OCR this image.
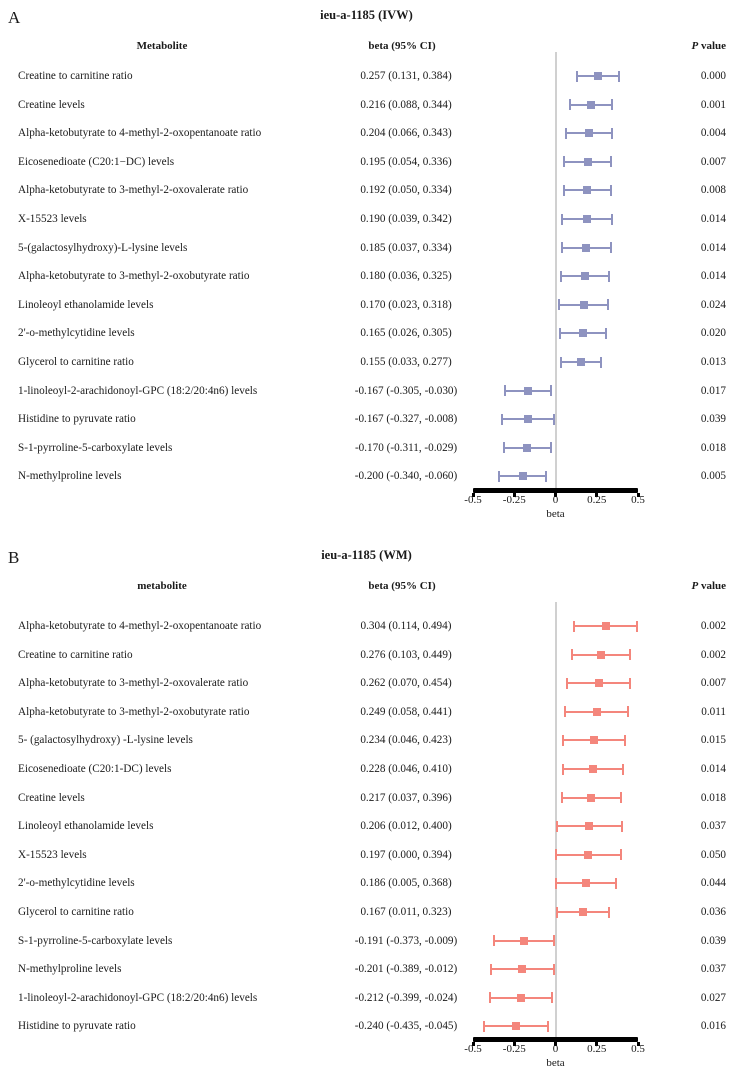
A	ieu-a-1185 (IVW)
Metabolite	beta (95% CI)	P value
Creatine to carnitine ratio	0.257 (0.131, 0.384)	0.000
Creatine levels	0.216 (0.088, 0.344)	0.001
Alpha-ketobutyrate to 4-methyl-2-oxopentanoate ratio	0.204 (0.066, 0.343)	0.004
Eicosenedioate (C20:1−DC) levels	0.195 (0.054, 0.336)	0.007
Alpha-ketobutyrate to 3-methyl-2-oxovalerate ratio	0.192 (0.050, 0.334)	0.008
X-15523 levels	0.190 (0.039, 0.342)	0.014
5-(galactosylhydroxy)-L-lysine levels	0.185 (0.037, 0.334)	0.014
Alpha-ketobutyrate to 3-methyl-2-oxobutyrate ratio	0.180 (0.036, 0.325)	0.014
Linoleoyl ethanolamide levels	0.170 (0.023, 0.318)	0.024
2'-o-methylcytidine levels	0.165 (0.026, 0.305)	0.020
Glycerol to carnitine ratio	0.155 (0.033, 0.277)	0.013
1-linoleoyl-2-arachidonoyl-GPC (18:2/20:4n6) levels	-0.167 (-0.305, -0.030)	0.017
Histidine to pyruvate ratio	-0.167 (-0.327, -0.008)	0.039
S-1-pyrroline-5-carboxylate levels	-0.170 (-0.311, -0.029)	0.018
N-methylproline levels	-0.200 (-0.340, -0.060)	0.005
-0.5	-0.25	0	0.25	0.5
beta
B	ieu-a-1185 (WM)
metabolite	beta (95% CI)	P value
Alpha-ketobutyrate to 4-methyl-2-oxopentanoate ratio	0.304 (0.114, 0.494)	0.002
Creatine to carnitine ratio	0.276 (0.103, 0.449)	0.002
Alpha-ketobutyrate to 3-methyl-2-oxovalerate ratio	0.262 (0.070, 0.454)	0.007
Alpha-ketobutyrate to 3-methyl-2-oxobutyrate ratio	0.249 (0.058, 0.441)	0.011
5- (galactosylhydroxy) -L-lysine levels	0.234 (0.046, 0.423)	0.015
Eicosenedioate (C20:1-DC) levels	0.228 (0.046, 0.410)	0.014
Creatine levels	0.217 (0.037, 0.396)	0.018
Linoleoyl ethanolamide levels	0.206 (0.012, 0.400)	0.037
X-15523 levels	0.197 (0.000, 0.394)	0.050
2'-o-methylcytidine levels	0.186 (0.005, 0.368)	0.044
Glycerol to carnitine ratio	0.167 (0.011, 0.323)	0.036
S-1-pyrroline-5-carboxylate levels	-0.191 (-0.373, -0.009)	0.039
N-methylproline levels	-0.201 (-0.389, -0.012)	0.037
1-linoleoyl-2-arachidonoyl-GPC (18:2/20:4n6) levels	-0.212 (-0.399, -0.024)	0.027
Histidine to pyruvate ratio	-0.240 (-0.435, -0.045)	0.016
-0.5	-0.25	0	0.25	0.5
beta
